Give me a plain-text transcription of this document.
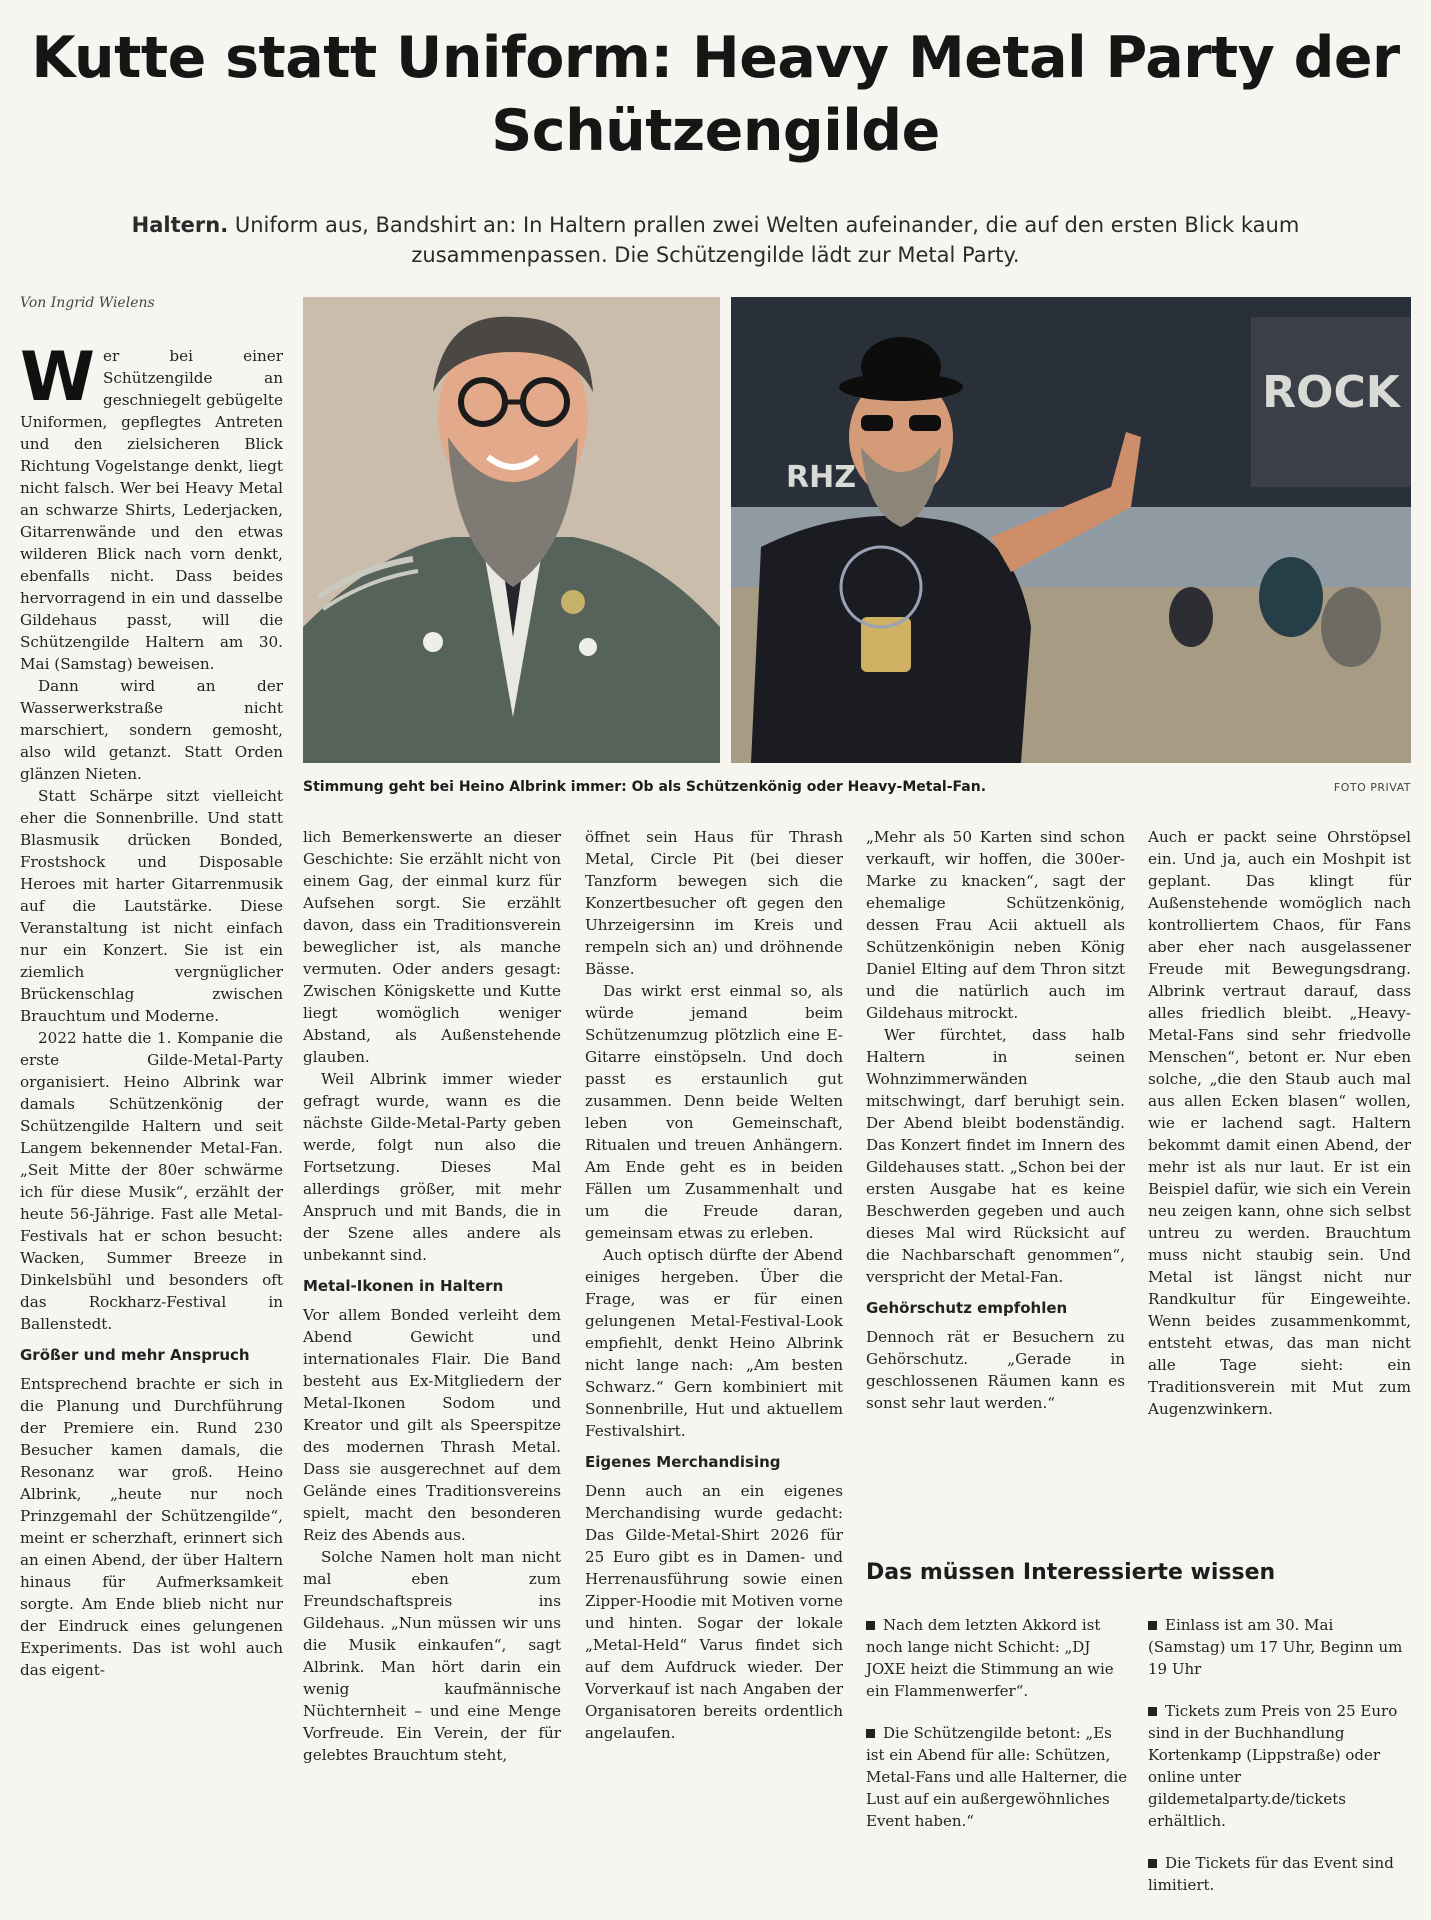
Kutte statt Uniform: Heavy Metal Party der Schützengilde
Haltern. Uniform aus, Bandshirt an: In Haltern prallen zwei Welten aufeinander, die auf den ersten Blick kaum zusammenpassen. Die Schützengilde lädt zur Metal Party.
Von Ingrid Wielens

Wer bei einer Schützengilde an geschniegelt gebügelte Uniformen, gepflegtes Antreten und den zielsicheren Blick Richtung Vogelstange denkt, liegt nicht falsch. Wer bei Heavy Metal an schwarze Shirts, Lederjacken, Gitarrenwände und den etwas wilderen Blick nach vorn denkt, ebenfalls nicht. Dass beides hervorragend in ein und dasselbe Gildehaus passt, will die Schützengilde Haltern am 30. Mai (Samstag) beweisen.

Dann wird an der Wasserwerkstraße nicht marschiert, sondern gemosht, also wild getanzt. Statt Orden glänzen Nieten.

Statt Schärpe sitzt vielleicht eher die Sonnenbrille. Und statt Blasmusik drücken Bonded, Frostshock und Disposable Heroes mit harter Gitarrenmusik auf die Lautstärke. Diese Veranstaltung ist nicht einfach nur ein Konzert. Sie ist ein ziemlich vergnüglicher Brückenschlag zwischen Brauchtum und Moderne.

2022 hatte die 1. Kompanie die erste Gilde-Metal-Party organisiert. Heino Albrink war damals Schützenkönig der Schützengilde Haltern und seit Langem bekennender Metal-Fan. „Seit Mitte der 80er schwärme ich für diese Musik“, erzählt der heute 56-Jährige. Fast alle Metal-Festivals hat er schon besucht: Wacken, Summer Breeze in Dinkelsbühl und besonders oft das Rockharz-Festival in Ballenstedt.

Größer und mehr Anspruch

Entsprechend brachte er sich in die Planung und Durchführung der Premiere ein. Rund 230 Besucher kamen damals, die Resonanz war groß. Heino Albrink, „heute nur noch Prinzgemahl der Schützengilde“, meint er scherzhaft, erinnert sich an einen Abend, der über Haltern hinaus für Aufmerksamkeit sorgte. Am Ende blieb nicht nur der Eindruck eines gelungenen Experiments. Das ist wohl auch das eigent-

ROCK
RHZ
Stimmung geht bei Heino Albrink immer: Ob als Schützenkönig oder Heavy-Metal-Fan.	FOTO PRIVAT

lich Bemerkenswerte an dieser Geschichte: Sie erzählt nicht von einem Gag, der einmal kurz für Aufsehen sorgt. Sie erzählt davon, dass ein Traditionsverein beweglicher ist, als manche vermuten. Oder anders gesagt: Zwischen Königskette und Kutte liegt womöglich weniger Abstand, als Außenstehende glauben.

Weil Albrink immer wieder gefragt wurde, wann es die nächste Gilde-Metal-Party geben werde, folgt nun also die Fortsetzung. Dieses Mal allerdings größer, mit mehr Anspruch und mit Bands, die in der Szene alles andere als unbekannt sind.

Metal-Ikonen in Haltern

Vor allem Bonded verleiht dem Abend Gewicht und internationales Flair. Die Band besteht aus Ex-Mitgliedern der Metal-Ikonen Sodom und Kreator und gilt als Speerspitze des modernen Thrash Metal. Dass sie ausgerechnet auf dem Gelände eines Traditionsvereins spielt, macht den besonderen Reiz des Abends aus.

Solche Namen holt man nicht mal eben zum Freundschaftspreis ins Gildehaus. „Nun müssen wir uns die Musik einkaufen“, sagt Albrink. Man hört darin ein wenig kaufmännische Nüchternheit – und eine Menge Vorfreude. Ein Verein, der für gelebtes Brauchtum steht,

öffnet sein Haus für Thrash Metal, Circle Pit (bei dieser Tanzform bewegen sich die Konzertbesucher oft gegen den Uhrzeigersinn im Kreis und rempeln sich an) und dröhnende Bässe.

Das wirkt erst einmal so, als würde jemand beim Schützenumzug plötzlich eine E-Gitarre einstöpseln. Und doch passt es erstaunlich gut zusammen. Denn beide Welten leben von Gemeinschaft, Ritualen und treuen Anhängern. Am Ende geht es in beiden Fällen um Zusammenhalt und um die Freude daran, gemeinsam etwas zu erleben.

Auch optisch dürfte der Abend einiges hergeben. Über die Frage, was er für einen gelungenen Metal-Festival-Look empfiehlt, denkt Heino Albrink nicht lange nach: „Am besten Schwarz.“ Gern kombiniert mit Sonnenbrille, Hut und aktuellem Festivalshirt.

Eigenes Merchandising

Denn auch an ein eigenes Merchandising wurde gedacht: Das Gilde-Metal-Shirt 2026 für 25 Euro gibt es in Damen- und Herrenausführung sowie einen Zipper-Hoodie mit Motiven vorne und hinten. Sogar der lokale „Metal-Held“ Varus findet sich auf dem Aufdruck wieder. Der Vorverkauf ist nach Angaben der Organisatoren bereits ordentlich angelaufen.

„Mehr als 50 Karten sind schon verkauft, wir hoffen, die 300er-Marke zu knacken“, sagt der ehemalige Schützenkönig, dessen Frau Acii aktuell als Schützenkönigin neben König Daniel Elting auf dem Thron sitzt und die natürlich auch im Gildehaus mitrockt.

Wer fürchtet, dass halb Haltern in seinen Wohnzimmerwänden mitschwingt, darf beruhigt sein. Der Abend bleibt bodenständig. Das Konzert findet im Innern des Gildehauses statt. „Schon bei der ersten Ausgabe hat es keine Beschwerden gegeben und auch dieses Mal wird Rücksicht auf die Nachbarschaft genommen“, verspricht der Metal-Fan.

Gehörschutz empfohlen

Dennoch rät er Besuchern zu Gehörschutz. „Gerade in geschlossenen Räumen kann es sonst sehr laut werden.“

Auch er packt seine Ohrstöpsel ein. Und ja, auch ein Moshpit ist geplant. Das klingt für Außenstehende womöglich nach kontrolliertem Chaos, für Fans aber eher nach ausgelassener Freude mit Bewegungsdrang. Albrink vertraut darauf, dass alles friedlich bleibt. „Heavy-Metal-Fans sind sehr friedvolle Menschen“, betont er. Nur eben solche, „die den Staub auch mal aus allen Ecken blasen“ wollen, wie er lachend sagt. Haltern bekommt damit einen Abend, der mehr ist als nur laut. Er ist ein Beispiel dafür, wie sich ein Verein neu zeigen kann, ohne sich selbst untreu zu werden. Brauchtum muss nicht staubig sein. Und Metal ist längst nicht nur Randkultur für Eingeweihte. Wenn beides zusammenkommt, entsteht etwas, das man nicht alle Tage sieht: ein Traditionsverein mit Mut zum Augenzwinkern.

Das müssen Interessierte wissen
Nach dem letzten Akkord ist noch lange nicht Schicht: „DJ JOXE heizt die Stimmung an wie ein Flammenwerfer“.
Die Schützengilde betont: „Es ist ein Abend für alle: Schützen, Metal-Fans und alle Halterner, die Lust auf ein außergewöhnliches Event haben.“
Einlass ist am 30. Mai (Samstag) um 17 Uhr, Beginn um 19 Uhr
Tickets zum Preis von 25 Euro sind in der Buchhandlung Kortenkamp (Lippstraße) oder online unter gildemetalparty.de/tickets erhältlich.
Die Tickets für das Event sind limitiert.
